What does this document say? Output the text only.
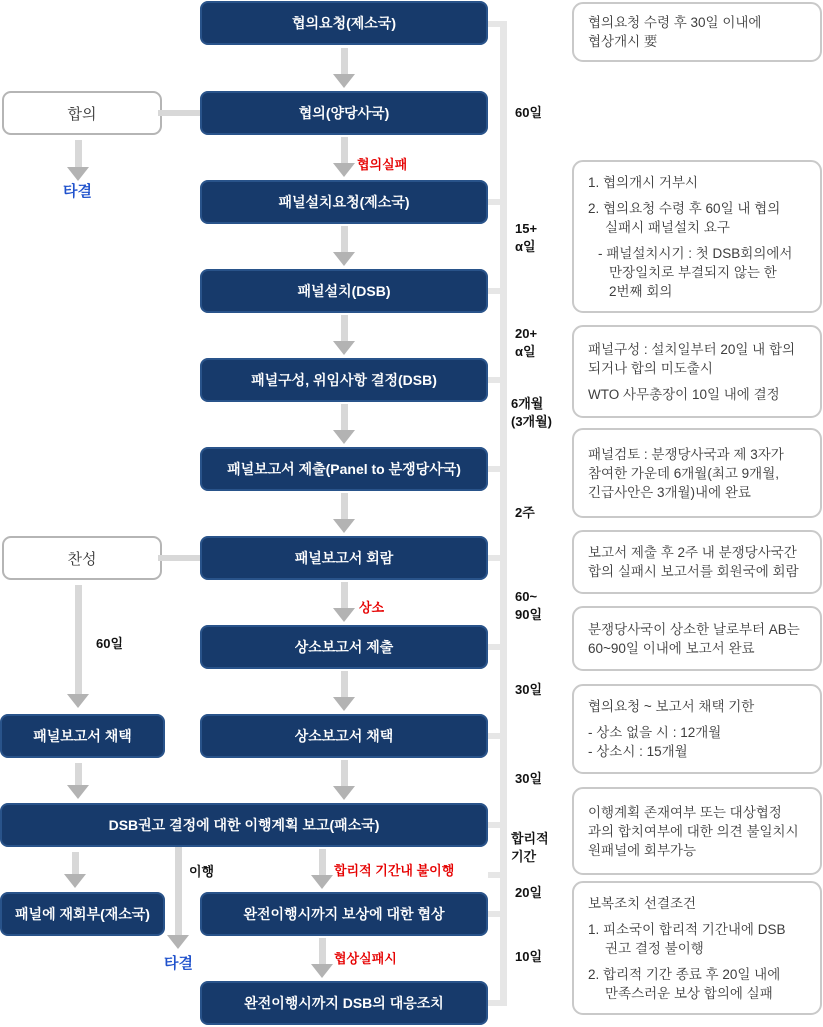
협의요청(제소국)
협의(양당사국)
패널설치요청(제소국)
패널설치(DSB)
패널구성, 위임사항 결정(DSB)
패널보고서 제출(Panel to 분쟁당사국)
패널보고서 회람
상소보고서 제출
상소보고서 채택
DSB권고 결정에 대한 이행계획 보고(패소국)
완전이행시까지 보상에 대한 협상
완전이행시까지 DSB의 대응조치
합의
찬성
패널보고서 채택
패널에 재회부(재소국)
협의실패
상소
합리적 기간내 불이행
협상실패시
60일
이행
타결
타결
60일
15+
α일
20+
α일
6개월
(3개월)
2주
60~
90일
30일
30일
합리적
기간
20일
10일
협의요청 수령 후 30일 이내에
협상개시 要
1. 협의개시 거부시
2. 협의요청 수령 후 60일 내 협의
실패시 패널설치 요구
- 패널설치시기 : 첫 DSB회의에서
만장일치로 부결되지 않는 한
2번째 회의
패널구성 : 설치일부터 20일 내 합의
되거나 합의 미도출시
WTO 사무총장이 10일 내에 결정
패널검토 : 분쟁당사국과 제 3자가
참여한 가운데 6개월(최고 9개월,
긴급사안은 3개월)내에 완료
보고서 제출 후 2주 내 분쟁당사국간
합의 실패시 보고서를 회원국에 회람
분쟁당사국이 상소한 날로부터 AB는
60~90일 이내에 보고서 완료
협의요청 ~ 보고서 채택 기한
- 상소 없을 시 : 12개월
- 상소시 : 15개월
이행계획 존재여부 또는 대상협정
과의 합치여부에 대한 의견 불일치시
원패널에 회부가능
보복조치 선결조건
1. 피소국이 합리적 기간내에 DSB
권고 결정 불이행
2. 합리적 기간 종료 후 20일 내에
만족스러운 보상 합의에 실패
